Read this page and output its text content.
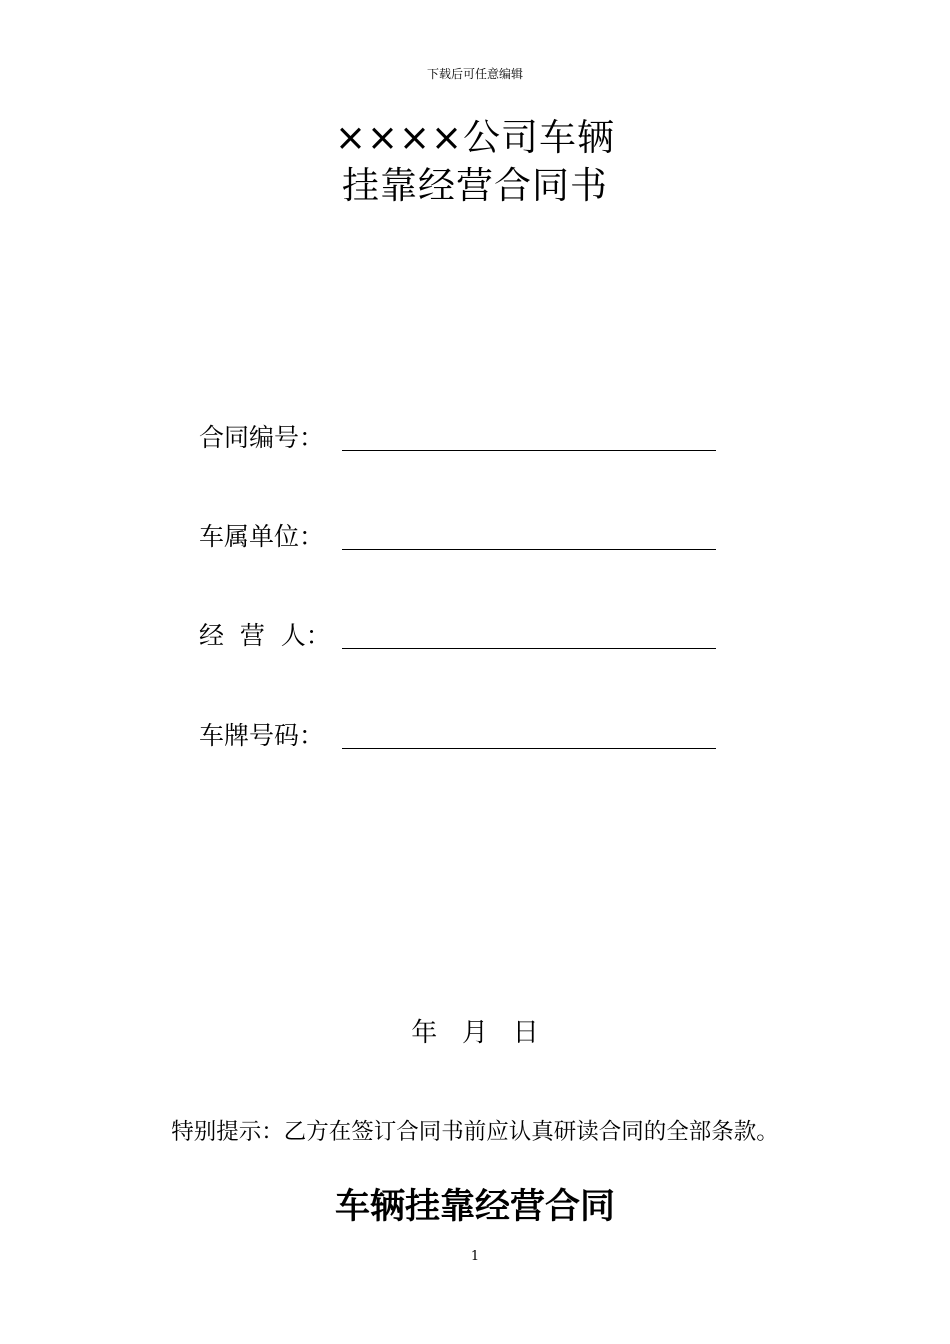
下载后可任意编辑
××××公司车辆
挂靠经营合同书
合同编号：
车属单位：
经  营  人：
车牌号码：
年   月   日
特别提示：乙方在签订合同书前应认真研读合同的全部条款。
车辆挂靠经营合同
1
